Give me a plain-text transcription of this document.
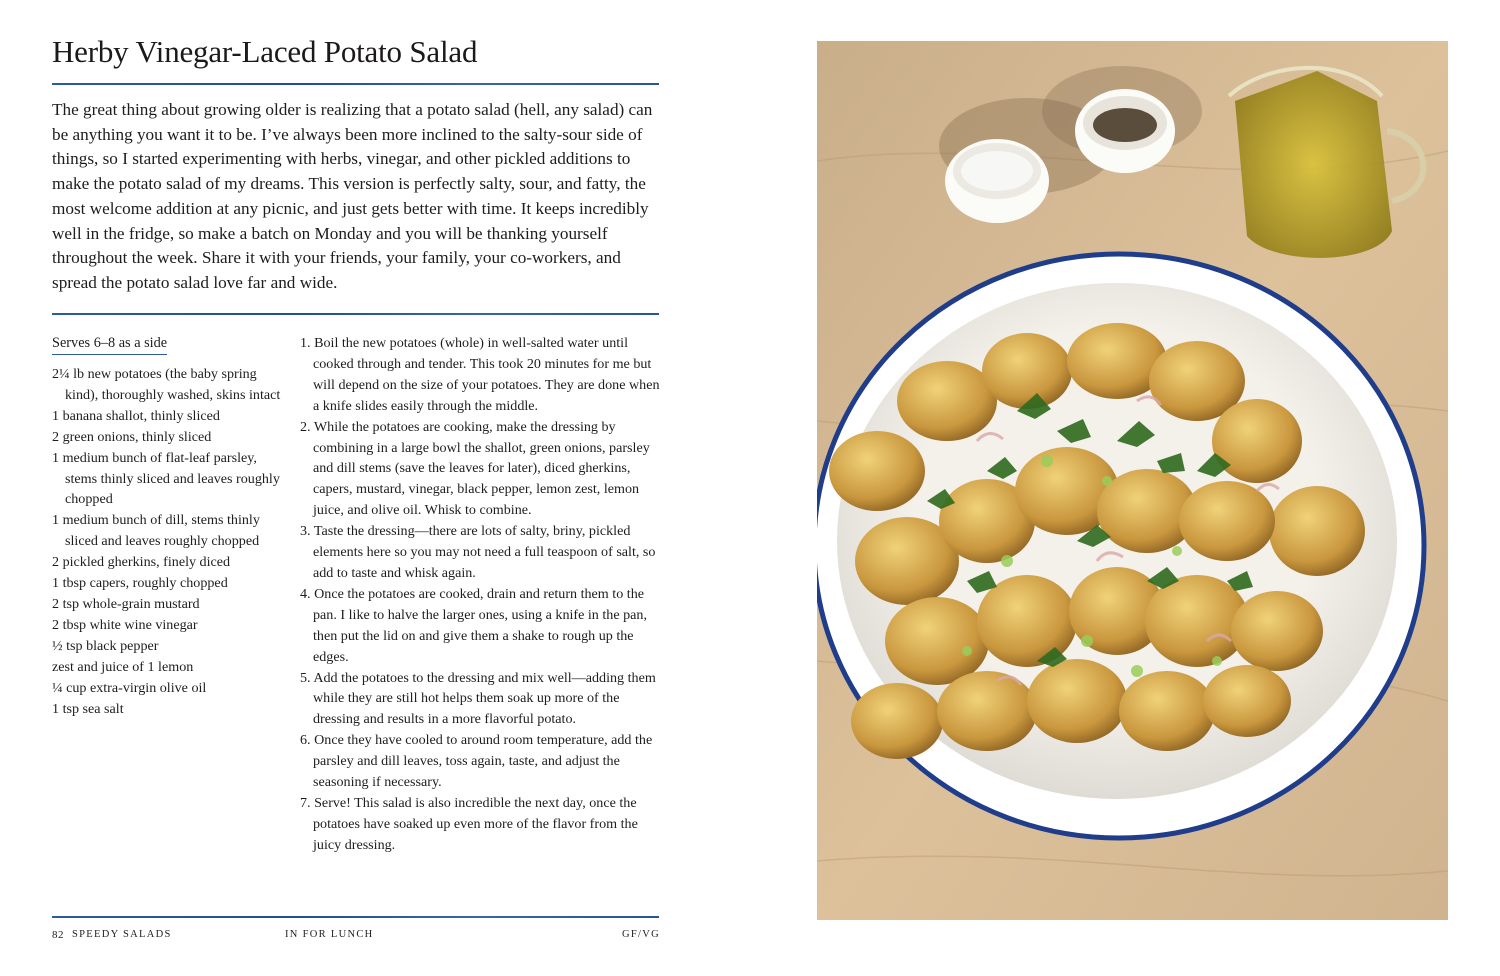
Herby Vinegar-Laced Potato Salad

The great thing about growing older is realizing that a potato salad (hell, any salad) can be anything you want it to be. I’ve always been more inclined to the salty-sour side of things, so I started experimenting with herbs, vinegar, and other pickled additions to make the potato salad of my dreams. This version is perfectly salty, sour, and fatty, the most welcome addition at any picnic, and just gets better with time. It keeps incredibly well in the fridge, so make a batch on Monday and you will be thanking yourself throughout the week. Share it with your friends, your family, your co-workers, and spread the potato salad love far and wide.

Serves 6–8 as a side
2¼ lb new potatoes (the baby spring kind), thoroughly washed, skins intact
1 banana shallot, thinly sliced
2 green onions, thinly sliced
1 medium bunch of flat-leaf parsley, stems thinly sliced and leaves roughly chopped
1 medium bunch of dill, stems thinly sliced and leaves roughly chopped
2 pickled gherkins, finely diced
1 tbsp capers, roughly chopped
2 tsp whole-grain mustard
2 tbsp white wine vinegar
½ tsp black pepper
zest and juice of 1 lemon
¼ cup extra-virgin olive oil
1 tsp sea salt
1. Boil the new potatoes (whole) in well-salted water until cooked through and tender. This took 20 minutes for me but will depend on the size of your potatoes. They are done when a knife slides easily through the middle.
2. While the potatoes are cooking, make the dressing by combining in a large bowl the shallot, green onions, parsley and dill stems (save the leaves for later), diced gherkins, capers, mustard, vinegar, black pepper, lemon zest, lemon juice, and olive oil. Whisk to combine.
3. Taste the dressing—there are lots of salty, briny, pickled elements here so you may not need a full teaspoon of salt, so add to taste and whisk again.
4. Once the potatoes are cooked, drain and return them to the pan. I like to halve the larger ones, using a knife in the pan, then put the lid on and give them a shake to rough up the edges.
5. Add the potatoes to the dressing and mix well—adding them while they are still hot helps them soak up more of the dressing and results in a more flavorful potato.
6. Once they have cooled to around room temperature, add the parsley and dill leaves, toss again, taste, and adjust the seasoning if necessary.
7. Serve! This salad is also incredible the next day, once the potatoes have soaked up even more of the flavor from the juicy dressing.
82 SPEEDY SALADS	IN FOR LUNCH	GF/VG
